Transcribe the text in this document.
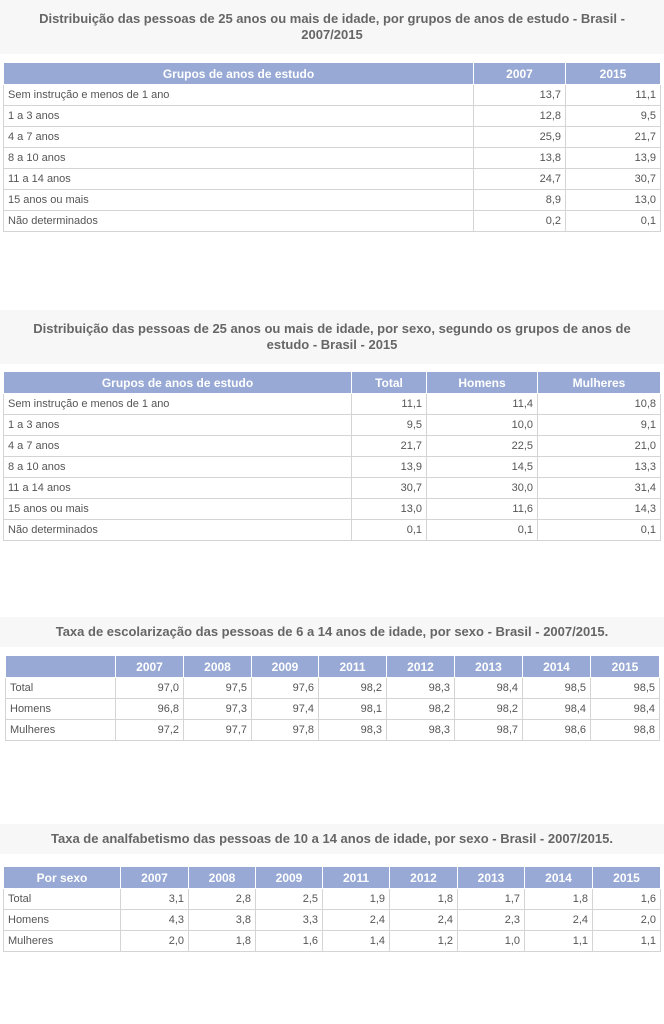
Distribuição das pessoas de 25 anos ou mais de idade, por grupos de anos de estudo - Brasil - 2007/2015
Grupos de anos de estudo	2007	2015
Sem instrução e menos de 1 ano	13,7	11,1
1 a 3 anos	12,8	9,5
4 a 7 anos	25,9	21,7
8 a 10 anos	13,8	13,9
11 a 14 anos	24,7	30,7
15 anos ou mais	8,9	13,0
Não determinados	0,2	0,1
Distribuição das pessoas de 25 anos ou mais de idade, por sexo, segundo os grupos de anos de estudo - Brasil - 2015
Grupos de anos de estudo	Total	Homens	Mulheres
Sem instrução e menos de 1 ano	11,1	11,4	10,8
1 a 3 anos	9,5	10,0	9,1
4 a 7 anos	21,7	22,5	21,0
8 a 10 anos	13,9	14,5	13,3
11 a 14 anos	30,7	30,0	31,4
15 anos ou mais	13,0	11,6	14,3
Não determinados	0,1	0,1	0,1
Taxa de escolarização das pessoas de 6 a 14 anos de idade, por sexo - Brasil - 2007/2015.
	2007	2008	2009	2011	2012	2013	2014	2015
Total	97,0	97,5	97,6	98,2	98,3	98,4	98,5	98,5
Homens	96,8	97,3	97,4	98,1	98,2	98,2	98,4	98,4
Mulheres	97,2	97,7	97,8	98,3	98,3	98,7	98,6	98,8
Taxa de analfabetismo das pessoas de 10 a 14 anos de idade, por sexo - Brasil - 2007/2015.
Por sexo	2007	2008	2009	2011	2012	2013	2014	2015
Total	3,1	2,8	2,5	1,9	1,8	1,7	1,8	1,6
Homens	4,3	3,8	3,3	2,4	2,4	2,3	2,4	2,0
Mulheres	2,0	1,8	1,6	1,4	1,2	1,0	1,1	1,1
